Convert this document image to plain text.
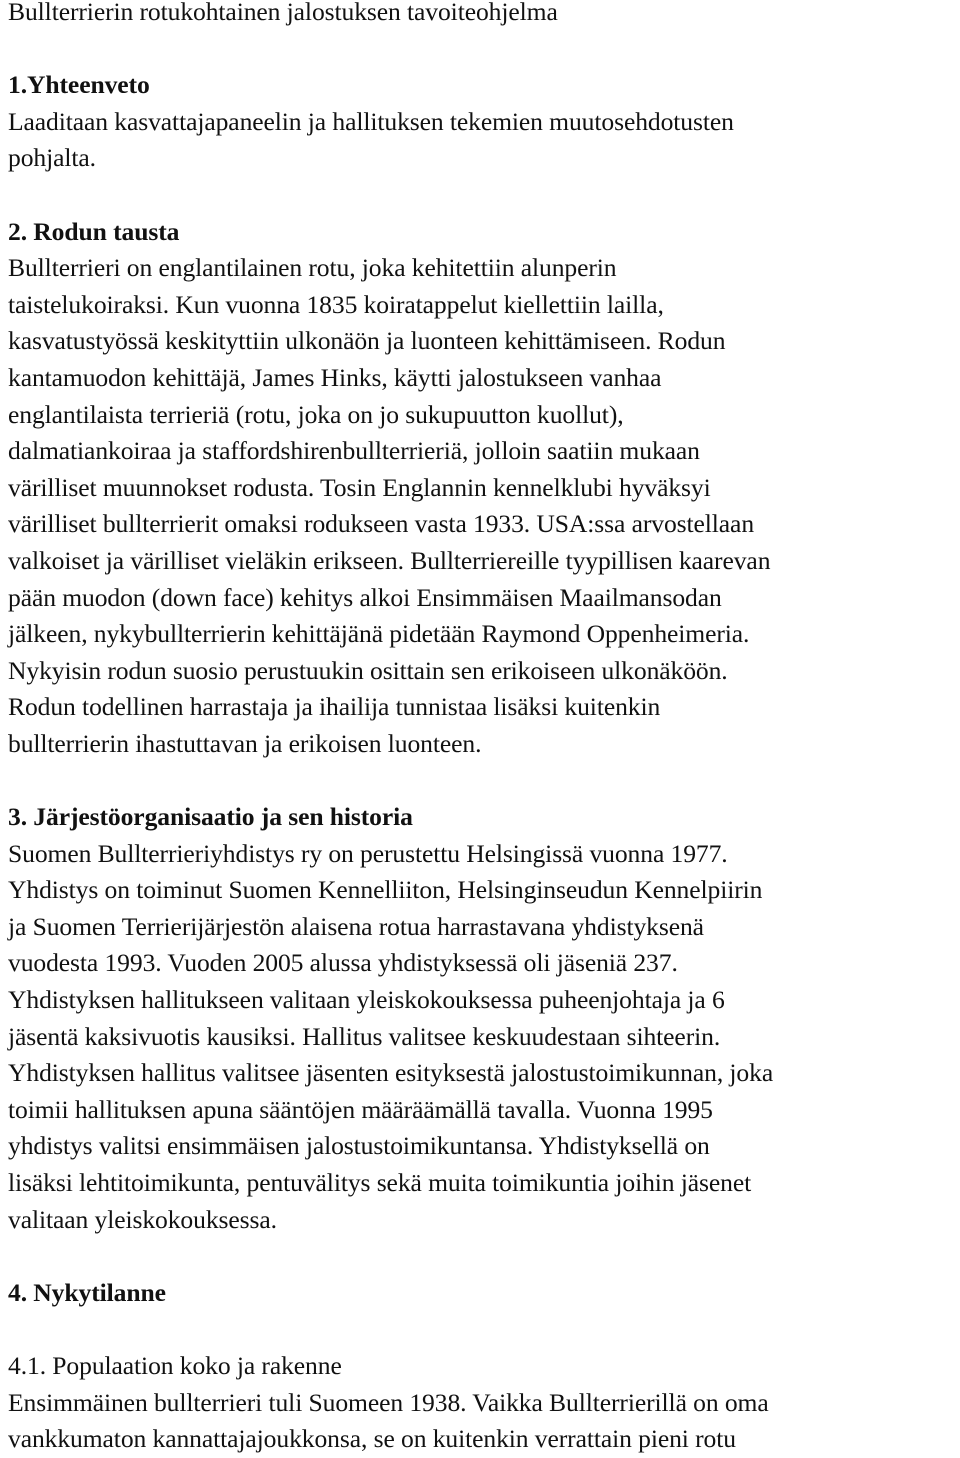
Bullterrierin rotukohtainen jalostuksen tavoiteohjelma
1.Yhteenveto
Laaditaan kasvattajapaneelin ja hallituksen tekemien muutosehdotusten
pohjalta.
2. Rodun tausta
Bullterrieri on englantilainen rotu, joka kehitettiin alunperin
taistelukoiraksi. Kun vuonna 1835 koiratappelut kiellettiin lailla,
kasvatustyössä keskityttiin ulkonäön ja luonteen kehittämiseen. Rodun
kantamuodon kehittäjä, James Hinks, käytti jalostukseen vanhaa
englantilaista terrieriä (rotu, joka on jo sukupuutton kuollut),
dalmatiankoiraa ja staffordshirenbullterrieriä, jolloin saatiin mukaan
värilliset muunnokset rodusta. Tosin Englannin kennelklubi hyväksyi
värilliset bullterrierit omaksi rodukseen vasta 1933. USA:ssa arvostellaan
valkoiset ja värilliset vieläkin erikseen. Bullterriereille tyypillisen kaarevan
pään muodon (down face) kehitys alkoi Ensimmäisen Maailmansodan
jälkeen, nykybullterrierin kehittäjänä pidetään Raymond Oppenheimeria.
Nykyisin rodun suosio perustuukin osittain sen erikoiseen ulkonäköön.
Rodun todellinen harrastaja ja ihailija tunnistaa lisäksi kuitenkin
bullterrierin ihastuttavan ja erikoisen luonteen.
3. Järjestöorganisaatio ja sen historia
Suomen Bullterrieriyhdistys ry on perustettu Helsingissä vuonna 1977.
Yhdistys on toiminut Suomen Kennelliiton, Helsinginseudun Kennelpiirin
ja Suomen Terrierijärjestön alaisena rotua harrastavana yhdistyksenä
vuodesta 1993. Vuoden 2005 alussa yhdistyksessä oli jäseniä 237.
Yhdistyksen hallitukseen valitaan yleiskokouksessa puheenjohtaja ja 6
jäsentä kaksivuotis kausiksi. Hallitus valitsee keskuudestaan sihteerin.
Yhdistyksen hallitus valitsee jäsenten esityksestä jalostustoimikunnan, joka
toimii hallituksen apuna sääntöjen määräämällä tavalla. Vuonna 1995
yhdistys valitsi ensimmäisen jalostustoimikuntansa. Yhdistyksellä on
lisäksi lehtitoimikunta, pentuvälitys sekä muita toimikuntia joihin jäsenet
valitaan yleiskokouksessa.
4. Nykytilanne
4.1. Populaation koko ja rakenne
Ensimmäinen bullterrieri tuli Suomeen 1938. Vaikka Bullterrierillä on oma
vankkumaton kannattajajoukkonsa, se on kuitenkin verrattain pieni rotu
